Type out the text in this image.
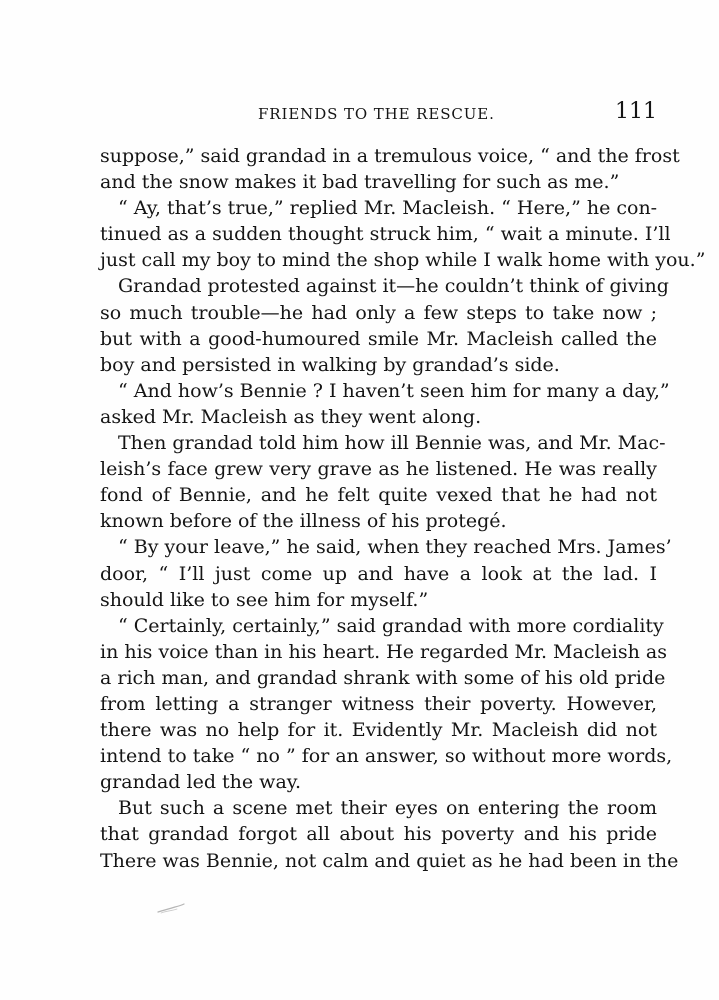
FRIENDS TO THE RESCUE.	111
suppose,” said grandad in a tremulous voice, “ and the frost
and the snow makes it bad travelling for such as me.”
“ Ay, that’s true,” replied Mr. Macleish. “ Here,” he con-
tinued as a sudden thought struck him, “ wait a minute. I’ll
just call my boy to mind the shop while I walk home with you.”
Grandad protested against it—he couldn’t think of giving
so much trouble—he had only a few steps to take now ;
but with a good-humoured smile Mr. Macleish called the
boy and persisted in walking by grandad’s side.
“ And how’s Bennie ? I haven’t seen him for many a day,”
asked Mr. Macleish as they went along.
Then grandad told him how ill Bennie was, and Mr. Mac-
leish’s face grew very grave as he listened. He was really
fond of Bennie, and he felt quite vexed that he had not
known before of the illness of his protegé.
“ By your leave,” he said, when they reached Mrs. James’
door, “ I’ll just come up and have a look at the lad. I
should like to see him for myself.”
“ Certainly, certainly,” said grandad with more cordiality
in his voice than in his heart. He regarded Mr. Macleish as
a rich man, and grandad shrank with some of his old pride
from letting a stranger witness their poverty. However,
there was no help for it. Evidently Mr. Macleish did not
intend to take “ no ” for an answer, so without more words,
grandad led the way.
But such a scene met their eyes on entering the room
that grandad forgot all about his poverty and his pride
There was Bennie, not calm and quiet as he had been in the
